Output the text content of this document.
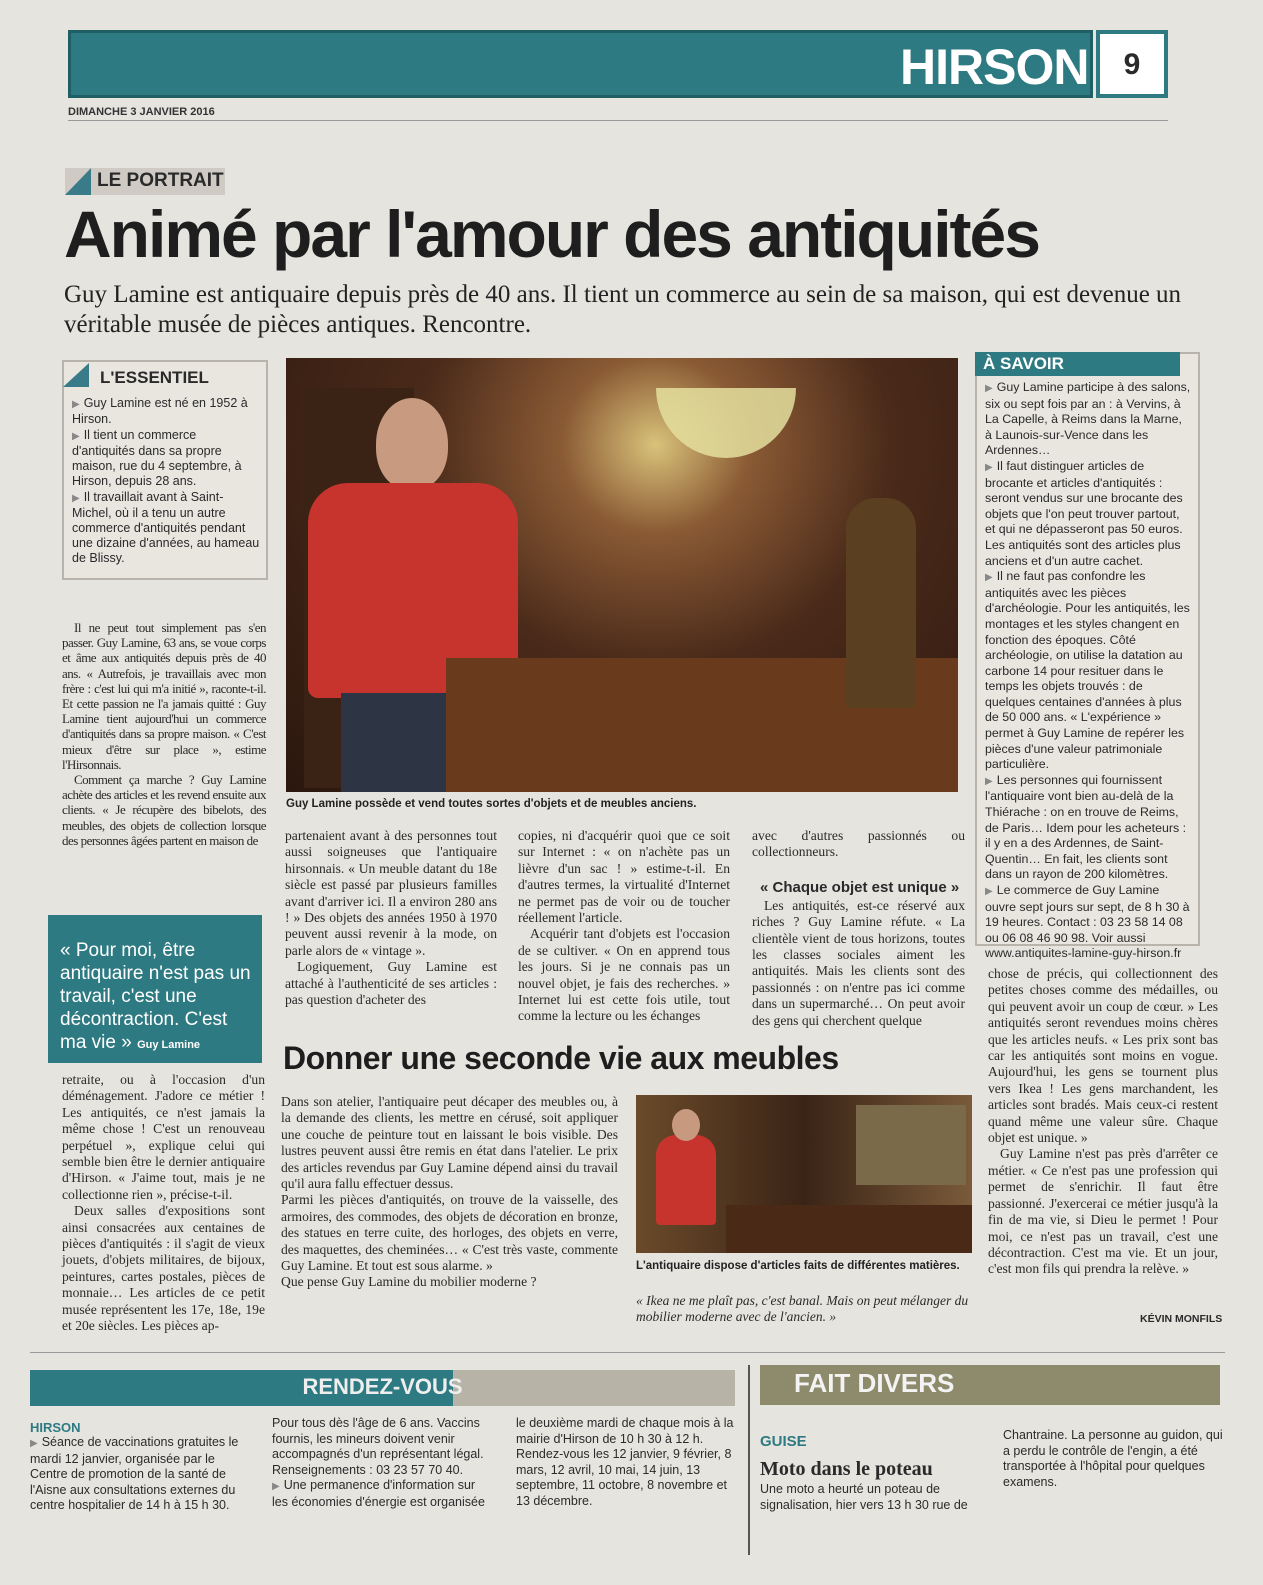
HIRSON	9
DIMANCHE 3 JANVIER 2016
LE PORTRAIT
Animé par l'amour des antiquités

Guy Lamine est antiquaire depuis près de 40 ans. Il tient un commerce au sein de sa maison, qui est devenue un véritable musée de pièces antiques. Rencontre.

▶ Guy Lamine est né en 1952 à Hirson.

▶ Il tient un commerce d'antiquités dans sa propre maison, rue du 4 septembre, à Hirson, depuis 28 ans.

▶ Il travaillait avant à Saint-Michel, où il a tenu un autre commerce d'antiquités pendant une dizaine d'années, au hameau de Blissy.

L'ESSENTIEL
Guy Lamine possède et vend toutes sortes d'objets et de meubles anciens.

▶ Guy Lamine participe à des salons, six ou sept fois par an : à Vervins, à La Capelle, à Reims dans la Marne, à Launois-sur-Vence dans les Ardennes…

▶ Il faut distinguer articles de brocante et articles d'antiquités : seront vendus sur une brocante des objets que l'on peut trouver partout, et qui ne dépasseront pas 50 euros. Les antiquités sont des articles plus anciens et d'un autre cachet.

▶ Il ne faut pas confondre les antiquités avec les pièces d'archéologie. Pour les antiquités, les montages et les styles changent en fonction des époques. Côté archéologie, on utilise la datation au carbone 14 pour resituer dans le temps les objets trouvés : de quelques centaines d'années à plus de 50 000 ans. « L'expérience » permet à Guy Lamine de repérer les pièces d'une valeur patrimoniale particulière.

▶ Les personnes qui fournissent l'antiquaire vont bien au-delà de la Thiérache : on en trouve de Reims, de Paris… Idem pour les acheteurs : il y en a des Ardennes, de Saint-Quentin… En fait, les clients sont dans un rayon de 200 kilomètres.

▶ Le commerce de Guy Lamine ouvre sept jours sur sept, de 8 h 30 à 19 heures. Contact : 03 23 58 14 08 ou 06 08 46 90 98. Voir aussi www.antiquites-lamine-guy-hirson.fr

À SAVOIR

Il ne peut tout simplement pas s'en passer. Guy Lamine, 63 ans, se voue corps et âme aux antiquités depuis près de 40 ans. « Autrefois, je travaillais avec mon frère : c'est lui qui m'a initié », raconte-t-il. Et cette passion ne l'a jamais quitté : Guy Lamine tient aujourd'hui un commerce d'antiquités dans sa propre maison. « C'est mieux d'être sur place », estime l'Hirsonnais.

Comment ça marche ? Guy Lamine achète des articles et les revend ensuite aux clients. « Je récupère des bibelots, des meubles, des objets de collection lorsque des personnes âgées partent en maison de

« Pour moi, être antiquaire n'est pas un travail, c'est une décontraction. C'est ma vie » Guy Lamine

retraite, ou à l'occasion d'un déménagement. J'adore ce métier ! Les antiquités, ce n'est jamais la même chose ! C'est un renouveau perpétuel », explique celui qui semble bien être le dernier antiquaire d'Hirson. « J'aime tout, mais je ne collectionne rien », précise-t-il.

Deux salles d'expositions sont ainsi consacrées aux centaines de pièces d'antiquités : il s'agit de vieux jouets, d'objets militaires, de bijoux, peintures, cartes postales, pièces de monnaie… Les articles de ce petit musée représentent les 17e, 18e, 19e et 20e siècles. Les pièces ap-

partenaient avant à des personnes tout aussi soigneuses que l'antiquaire hirsonnais. « Un meuble datant du 18e siècle est passé par plusieurs familles avant d'arriver ici. Il a environ 280 ans ! » Des objets des années 1950 à 1970 peuvent aussi revenir à la mode, on parle alors de « vintage ».

Logiquement, Guy Lamine est attaché à l'authenticité de ses articles : pas question d'acheter des

copies, ni d'acquérir quoi que ce soit sur Internet : « on n'achète pas un lièvre d'un sac ! » estime-t-il. En d'autres termes, la virtualité d'Internet ne permet pas de voir ou de toucher réellement l'article.

Acquérir tant d'objets est l'occasion de se cultiver. « On en apprend tous les jours. Si je ne connais pas un nouvel objet, je fais des recherches. » Internet lui est cette fois utile, tout comme la lecture ou les échanges

avec d'autres passionnés ou collectionneurs.

« Chaque objet est unique »

Les antiquités, est-ce réservé aux riches ? Guy Lamine réfute. « La clientèle vient de tous horizons, toutes les classes sociales aiment les antiquités. Mais les clients sont des passionnés : on n'entre pas ici comme dans un supermarché… On peut avoir des gens qui cherchent quelque

chose de précis, qui collectionnent des petites choses comme des médailles, ou qui peuvent avoir un coup de cœur. » Les antiquités seront revendues moins chères que les articles neufs. « Les prix sont bas car les antiquités sont moins en vogue. Aujourd'hui, les gens se tournent plus vers Ikea ! Les gens marchandent, les articles sont bradés. Mais ceux-ci restent quand même une valeur sûre. Chaque objet est unique. »

Guy Lamine n'est pas près d'arrêter ce métier. « Ce n'est pas une profession qui permet de s'enrichir. Il faut être passionné. J'exercerai ce métier jusqu'à la fin de ma vie, si Dieu le permet ! Pour moi, ce n'est pas un travail, c'est une décontraction. C'est ma vie. Et un jour, c'est mon fils qui prendra la relève. »

KÉVIN MONFILS
Donner une seconde vie aux meubles

Dans son atelier, l'antiquaire peut décaper des meubles ou, à la demande des clients, les mettre en cérusé, soit appliquer une couche de peinture tout en laissant le bois visible. Des lustres peuvent aussi être remis en état dans l'atelier. Le prix des articles revendus par Guy Lamine dépend ainsi du travail qu'il aura fallu effectuer dessus.

Parmi les pièces d'antiquités, on trouve de la vaisselle, des armoires, des commodes, des objets de décoration en bronze, des statues en terre cuite, des horloges, des objets en verre, des maquettes, des cheminées… « C'est très vaste, commente Guy Lamine. Et tout est sous alarme. »

Que pense Guy Lamine du mobilier moderne ?

L'antiquaire dispose d'articles faits de différentes matières.
« Ikea ne me plaît pas, c'est banal. Mais on peut mélanger du mobilier moderne avec de l'ancien. »
RENDEZ-VOUS
HIRSON
▶ Séance de vaccinations gratuites le mardi 12 janvier, organisée par le Centre de promotion de la santé de l'Aisne aux consultations externes du centre hospitalier de 14 h à 15 h 30.

Pour tous dès l'âge de 6 ans. Vaccins fournis, les mineurs doivent venir accompagnés d'un représentant légal. Renseignements : 03 23 57 70 40.

▶ Une permanence d'information sur les économies d'énergie est organisée

le deuxième mardi de chaque mois à la mairie d'Hirson de 10 h 30 à 12 h. Rendez-vous les 12 janvier, 9 février, 8 mars, 12 avril, 10 mai, 14 juin, 13 septembre, 11 octobre, 8 novembre et 13 décembre.
FAIT DIVERS
GUISE
Moto dans le poteau
Une moto a heurté un poteau de signalisation, hier vers 13 h 30 rue de
Chantraine. La personne au guidon, qui a perdu le contrôle de l'engin, a été transportée à l'hôpital pour quelques examens.
